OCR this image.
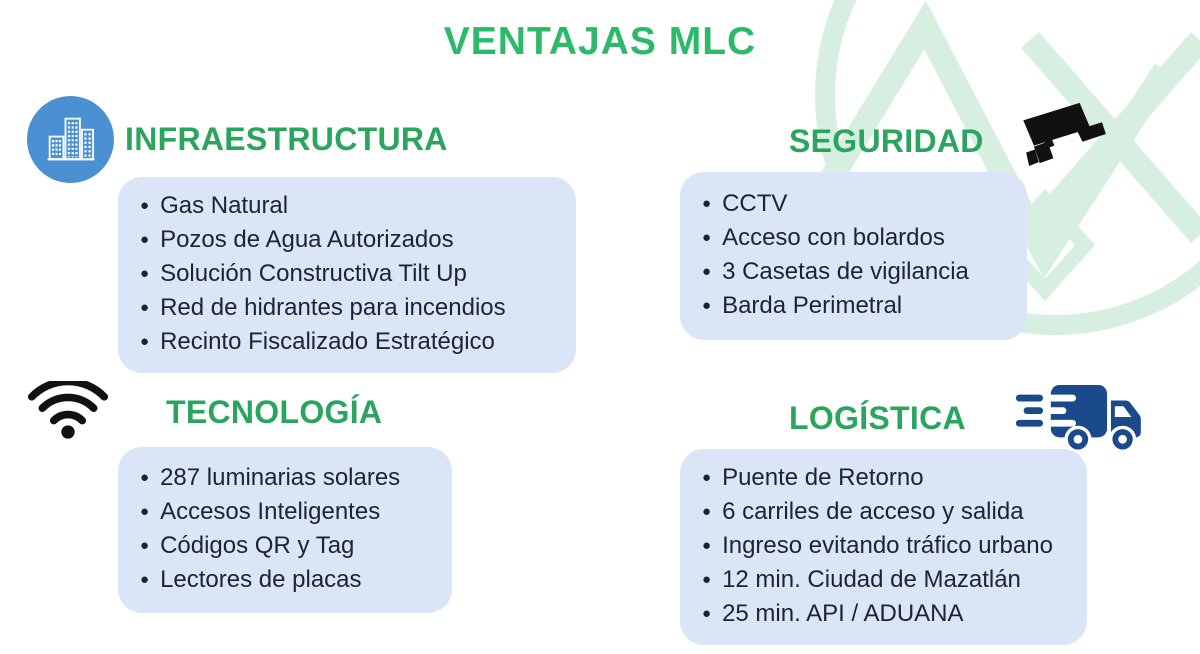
VENTAJAS MLC
INFRAESTRUCTURA
● Gas Natural
● Pozos de Agua Autorizados
● Solución Constructiva Tilt Up
● Red de hidrantes para incendios
● Recinto Fiscalizado Estratégico
SEGURIDAD
● CCTV
● Acceso con bolardos
● 3 Casetas de vigilancia
● Barda Perimetral
TECNOLOGÍA
● 287 luminarias solares
● Accesos Inteligentes
● Códigos QR y Tag
● Lectores de placas
LOGÍSTICA
● Puente de Retorno
● 6 carriles de acceso y salida
● Ingreso evitando tráfico urbano
● 12 min. Ciudad de Mazatlán
● 25 min. API / ADUANA
